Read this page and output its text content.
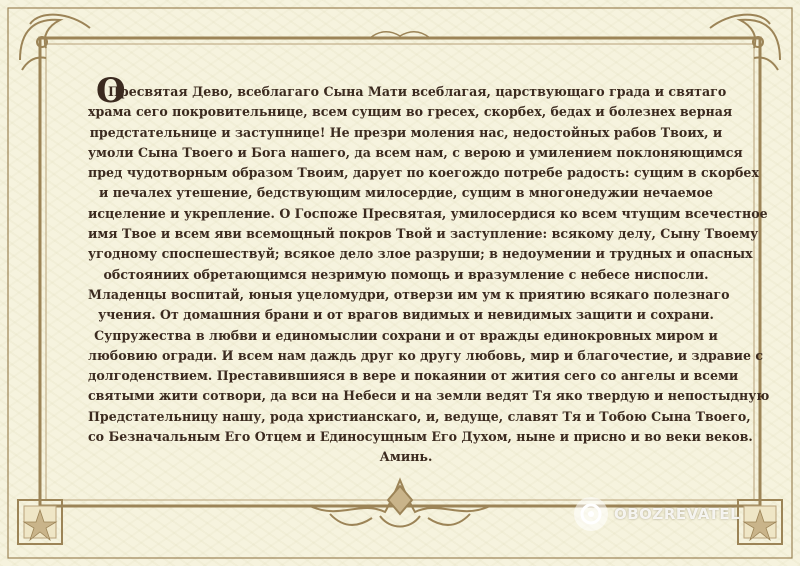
О
Пресвятая Дево, всеблагаго Сына Мати всеблагая, царствующаго града и святаго
храма сего покровительнице, всем сущим во гресех, скорбех, бедах и болезнех верная
предстательнице и заступнице! Не презри моления нас, недостойных рабов Твоих, и
умоли Сына Твоего и Бога нашего, да всем нам, с верою и умилением поклоняющимся
пред чудотворным образом Твоим, дарует по коегождо потребе радость: сущим в скорбех
и печалех утешение, бедствующим милосердие, сущим в многонедужии нечаемое
исцеление и укрепление. О Госпоже Пресвятая, умилосердися ко всем чтущим всечестное
имя Твое и всем яви всемощный покров Твой и заступление: всякому делу, Сыну Твоему
угодному споспешествуй; всякое дело злое разруши; в недоумении и трудных и опасных
обстояниих обретающимся незримую помощь и вразумление с небесе ниспосли.
Младенцы воспитай, юныя уцеломудри, отверзи им ум к приятию всякаго полезнаго
учения. От домашния брани и от врагов видимых и невидимых защити и сохрани.
Супружества в любви и единомыслии сохрани и от вражды единокровных миром и
любовию огради. И всем нам даждь друг ко другу любовь, мир и благочестие, и здравие с
долгоденствием. Преставившияся в вере и покаянии от жития сего со ангелы и всеми
святыми жити сотвори, да вси на Небеси и на земли ведят Тя яко твердую и непостыдную
Предстательницу нашу, рода христианскаго, и, ведуще, славят Тя и Тобою Сына Твоего,
со Безначальным Его Отцем и Единосущным Его Духом, ныне и присно и во веки веков.
Аминь.
OBOZREVATEL
